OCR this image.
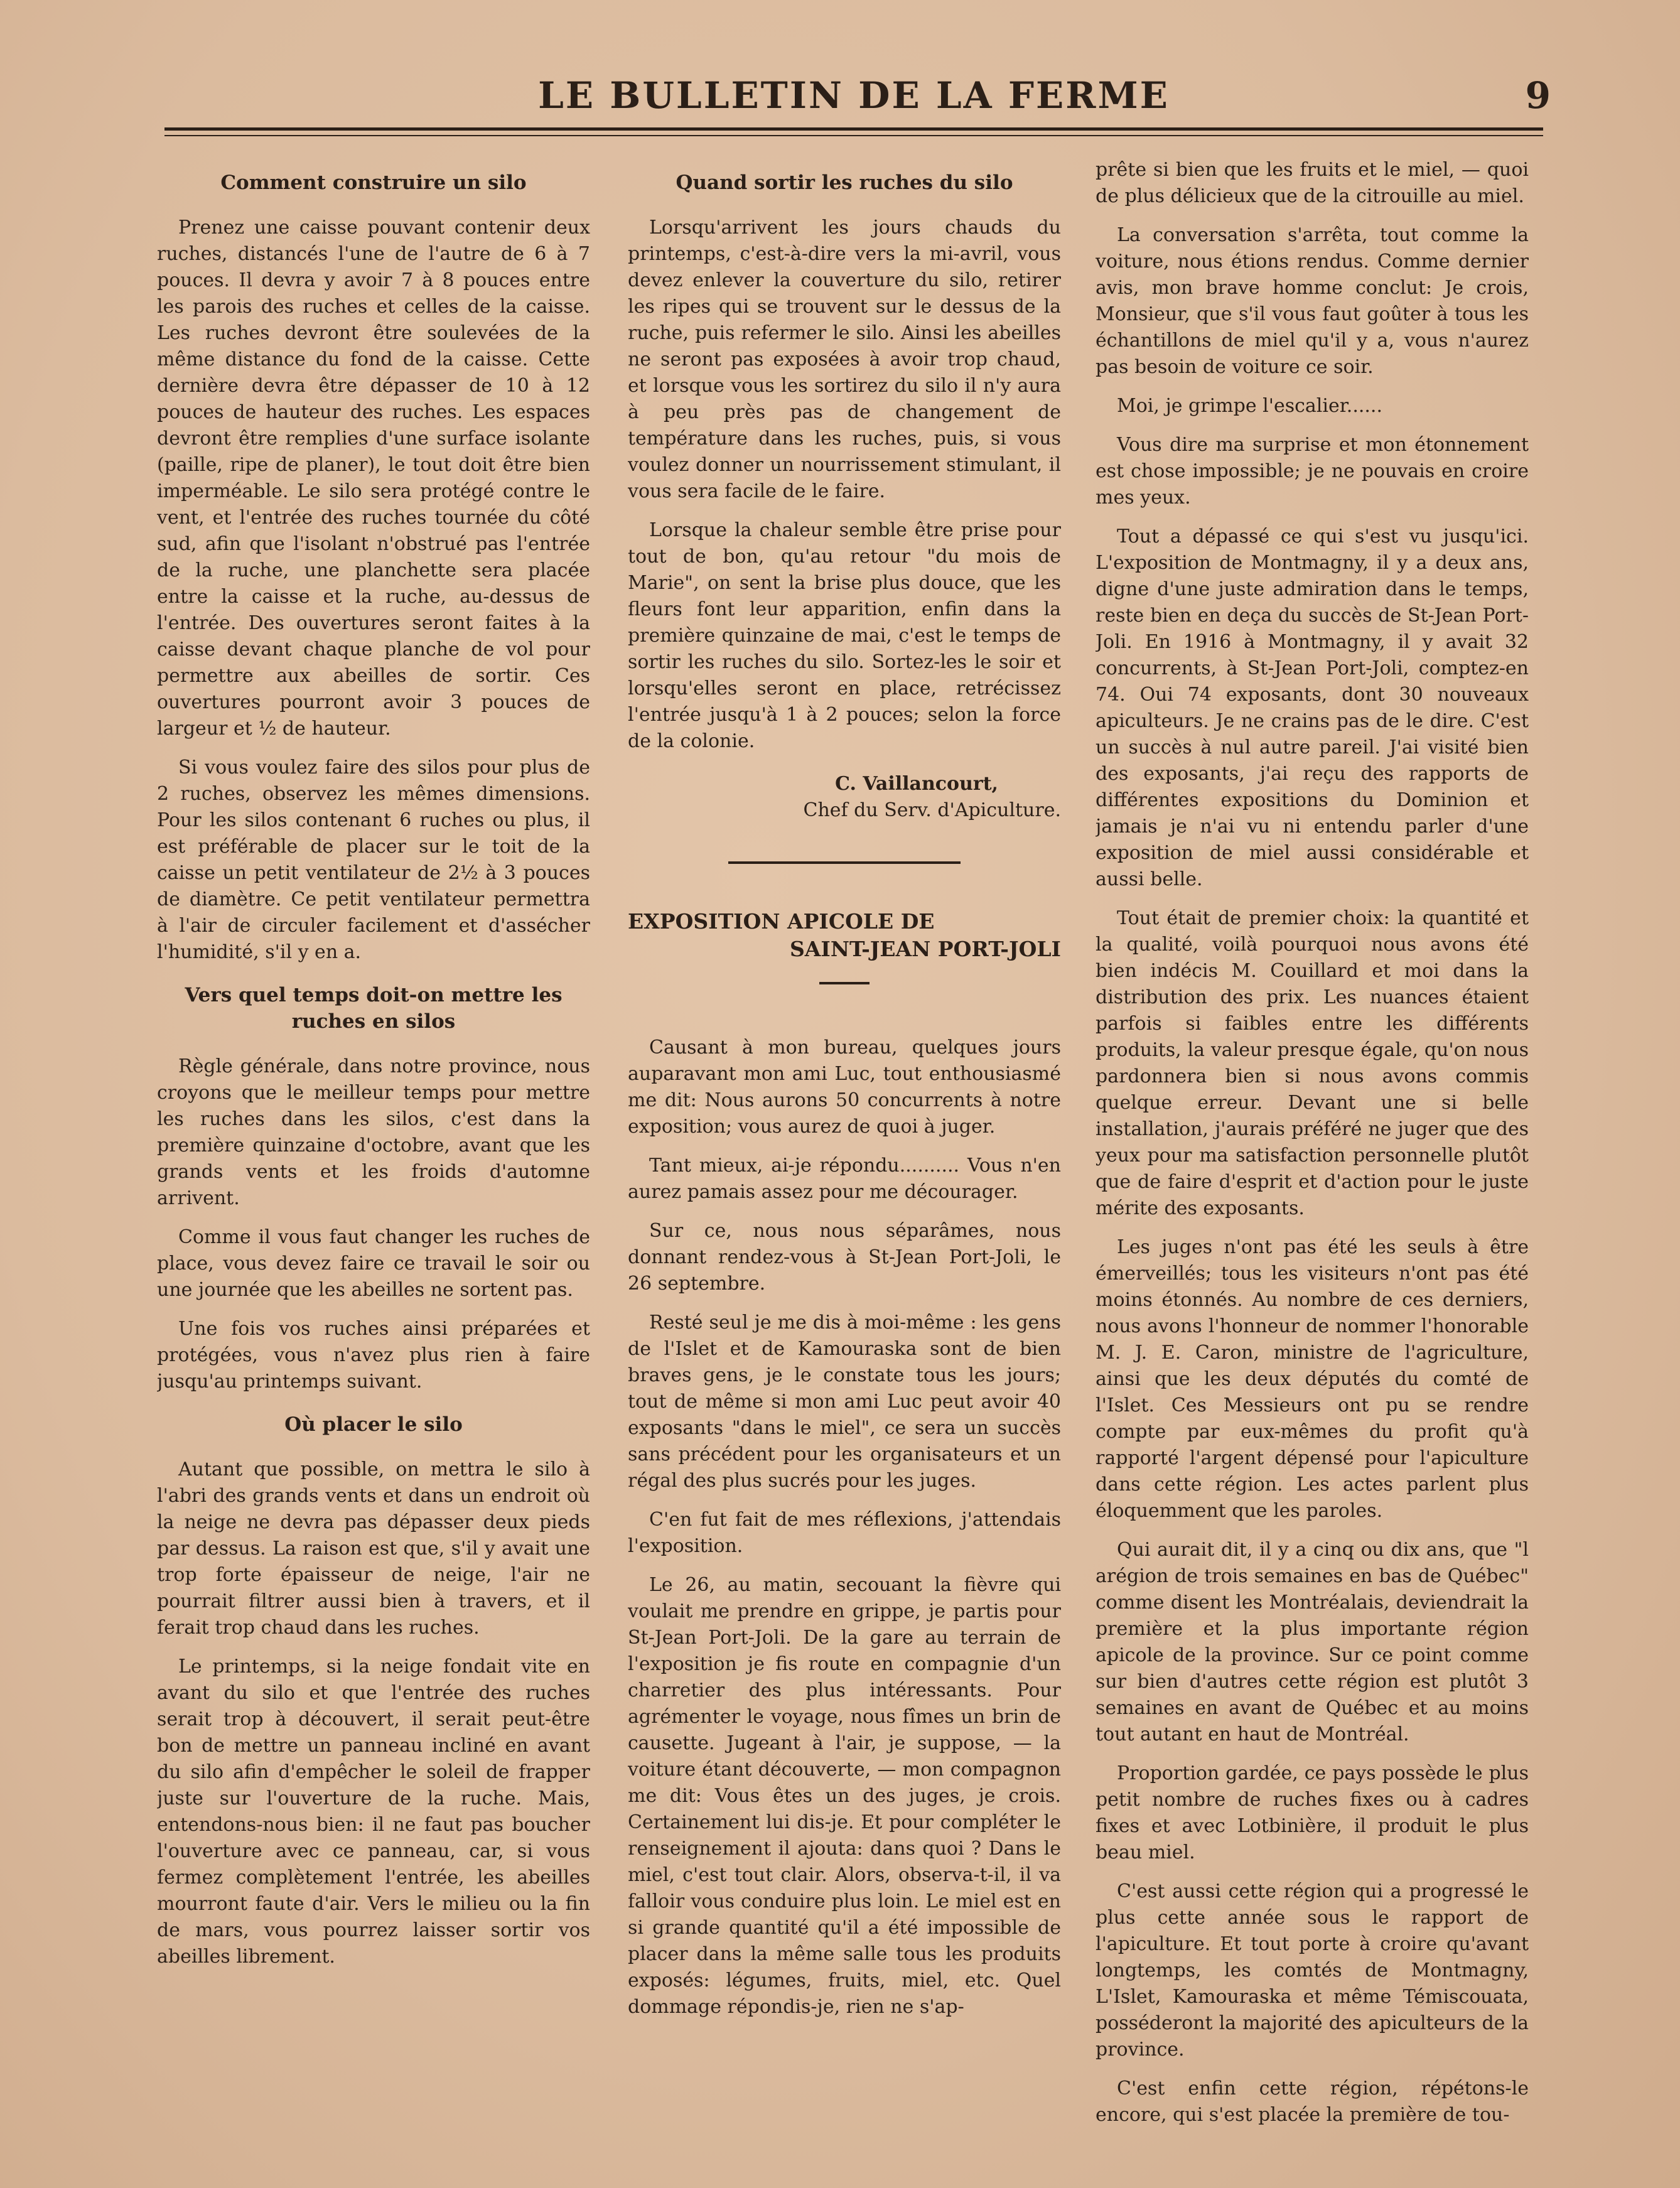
LE BULLETIN DE LA FERME	9
Comment construire un silo

Prenez une caisse pouvant contenir deux ruches, distancés l'une de l'autre de 6 à 7 pouces. Il devra y avoir 7 à 8 pouces entre les parois des ruches et celles de la caisse. Les ruches devront être soulevées de la même distance du fond de la caisse. Cette dernière devra être dépasser de 10 à 12 pouces de hauteur des ruches. Les espaces devront être remplies d'une surface isolante (paille, ripe de planer), le tout doit être bien imperméable. Le silo sera protégé contre le vent, et l'entrée des ruches tournée du côté sud, afin que l'isolant n'obstrué pas l'entrée de la ruche, une planchette sera placée entre la caisse et la ruche, au-dessus de l'entrée. Des ouvertures seront faites à la caisse devant chaque planche de vol pour permettre aux abeilles de sortir. Ces ouvertures pourront avoir 3 pouces de largeur et ½ de hauteur.

Si vous voulez faire des silos pour plus de 2 ruches, observez les mêmes dimensions. Pour les silos contenant 6 ruches ou plus, il est préférable de placer sur le toit de la caisse un petit ventilateur de 2½ à 3 pouces de diamètre. Ce petit ventilateur permettra à l'air de circuler facilement et d'assécher l'humidité, s'il y en a.

Vers quel temps doit-on mettre les ruches en silos

Règle générale, dans notre province, nous croyons que le meilleur temps pour mettre les ruches dans les silos, c'est dans la première quinzaine d'octobre, avant que les grands vents et les froids d'automne arrivent.

Comme il vous faut changer les ruches de place, vous devez faire ce travail le soir ou une journée que les abeilles ne sortent pas.

Une fois vos ruches ainsi préparées et protégées, vous n'avez plus rien à faire jusqu'au printemps suivant.

Où placer le silo

Autant que possible, on mettra le silo à l'abri des grands vents et dans un endroit où la neige ne devra pas dépasser deux pieds par dessus. La raison est que, s'il y avait une trop forte épaisseur de neige, l'air ne pourrait filtrer aussi bien à travers, et il ferait trop chaud dans les ruches.

Le printemps, si la neige fondait vite en avant du silo et que l'entrée des ruches serait trop à découvert, il serait peut-être bon de mettre un panneau incliné en avant du silo afin d'empêcher le soleil de frapper juste sur l'ouverture de la ruche. Mais, entendons-nous bien: il ne faut pas boucher l'ouverture avec ce panneau, car, si vous fermez complètement l'entrée, les abeilles mourront faute d'air. Vers le milieu ou la fin de mars, vous pourrez laisser sortir vos abeilles librement.

Quand sortir les ruches du silo

Lorsqu'arrivent les jours chauds du printemps, c'est-à-dire vers la mi-avril, vous devez enlever la couverture du silo, retirer les ripes qui se trouvent sur le dessus de la ruche, puis refermer le silo. Ainsi les abeilles ne seront pas exposées à avoir trop chaud, et lorsque vous les sortirez du silo il n'y aura à peu près pas de changement de température dans les ruches, puis, si vous voulez donner un nourrissement stimulant, il vous sera facile de le faire.

Lorsque la chaleur semble être prise pour tout de bon, qu'au retour "du mois de Marie", on sent la brise plus douce, que les fleurs font leur apparition, enfin dans la première quinzaine de mai, c'est le temps de sortir les ruches du silo. Sortez-les le soir et lorsqu'elles seront en place, retrécissez l'entrée jusqu'à 1 à 2 pouces; selon la force de la colonie.

C. Vaillancourt,
Chef du Serv. d'Apiculture.
EXPOSITION APICOLE DE
SAINT-JEAN PORT-JOLI

Causant à mon bureau, quelques jours auparavant mon ami Luc, tout enthousiasmé me dit: Nous aurons 50 concurrents à notre exposition; vous aurez de quoi à juger.

Tant mieux, ai-je répondu.......... Vous n'en aurez pamais assez pour me décourager.

Sur ce, nous nous séparâmes, nous donnant rendez-vous à St-Jean Port-Joli, le 26 septembre.

Resté seul je me dis à moi-même : les gens de l'Islet et de Kamouraska sont de bien braves gens, je le constate tous les jours; tout de même si mon ami Luc peut avoir 40 exposants "dans le miel", ce sera un succès sans précédent pour les organisateurs et un régal des plus sucrés pour les juges.

C'en fut fait de mes réflexions, j'attendais l'exposition.

Le 26, au matin, secouant la fièvre qui voulait me prendre en grippe, je partis pour St-Jean Port-Joli. De la gare au terrain de l'exposition je fis route en compagnie d'un charretier des plus intéressants. Pour agrémenter le voyage, nous fîmes un brin de causette. Jugeant à l'air, je suppose, — la voiture étant découverte, — mon compagnon me dit: Vous êtes un des juges, je crois. Certainement lui dis-je. Et pour compléter le renseignement il ajouta: dans quoi ? Dans le miel, c'est tout clair. Alors, observa-t-il, il va falloir vous conduire plus loin. Le miel est en si grande quantité qu'il a été impossible de placer dans la même salle tous les produits exposés: légumes, fruits, miel, etc. Quel dommage répondis-je, rien ne s'ap-

prête si bien que les fruits et le miel, — quoi de plus délicieux que de la citrouille au miel.

La conversation s'arrêta, tout comme la voiture, nous étions rendus. Comme dernier avis, mon brave homme conclut: Je crois, Monsieur, que s'il vous faut goûter à tous les échantillons de miel qu'il y a, vous n'aurez pas besoin de voiture ce soir.

Moi, je grimpe l'escalier......

Vous dire ma surprise et mon étonnement est chose impossible; je ne pouvais en croire mes yeux.

Tout a dépassé ce qui s'est vu jusqu'ici. L'exposition de Montmagny, il y a deux ans, digne d'une juste admiration dans le temps, reste bien en deça du succès de St-Jean Port-Joli. En 1916 à Montmagny, il y avait 32 concurrents, à St-Jean Port-Joli, comptez-en 74. Oui 74 exposants, dont 30 nouveaux apiculteurs. Je ne crains pas de le dire. C'est un succès à nul autre pareil. J'ai visité bien des exposants, j'ai reçu des rapports de différentes expositions du Dominion et jamais je n'ai vu ni entendu parler d'une exposition de miel aussi considérable et aussi belle.

Tout était de premier choix: la quantité et la qualité, voilà pourquoi nous avons été bien indécis M. Couillard et moi dans la distribution des prix. Les nuances étaient parfois si faibles entre les différents produits, la valeur presque égale, qu'on nous pardonnera bien si nous avons commis quelque erreur. Devant une si belle installation, j'aurais préféré ne juger que des yeux pour ma satisfaction personnelle plutôt que de faire d'esprit et d'action pour le juste mérite des exposants.

Les juges n'ont pas été les seuls à être émerveillés; tous les visiteurs n'ont pas été moins étonnés. Au nombre de ces derniers, nous avons l'honneur de nommer l'honorable M. J. E. Caron, ministre de l'agriculture, ainsi que les deux députés du comté de l'Islet. Ces Messieurs ont pu se rendre compte par eux-mêmes du profit qu'à rapporté l'argent dépensé pour l'apiculture dans cette région. Les actes parlent plus éloquemment que les paroles.

Qui aurait dit, il y a cinq ou dix ans, que "l arégion de trois semaines en bas de Québec" comme disent les Montréalais, deviendrait la première et la plus importante région apicole de la province. Sur ce point comme sur bien d'autres cette région est plutôt 3 semaines en avant de Québec et au moins tout autant en haut de Montréal.

Proportion gardée, ce pays possède le plus petit nombre de ruches fixes ou à cadres fixes et avec Lotbinière, il produit le plus beau miel.

C'est aussi cette région qui a progressé le plus cette année sous le rapport de l'apiculture. Et tout porte à croire qu'avant longtemps, les comtés de Montmagny, L'Islet, Kamouraska et même Témiscouata, posséderont la majorité des apiculteurs de la province.

C'est enfin cette région, répétons-le encore, qui s'est placée la première de tou-
